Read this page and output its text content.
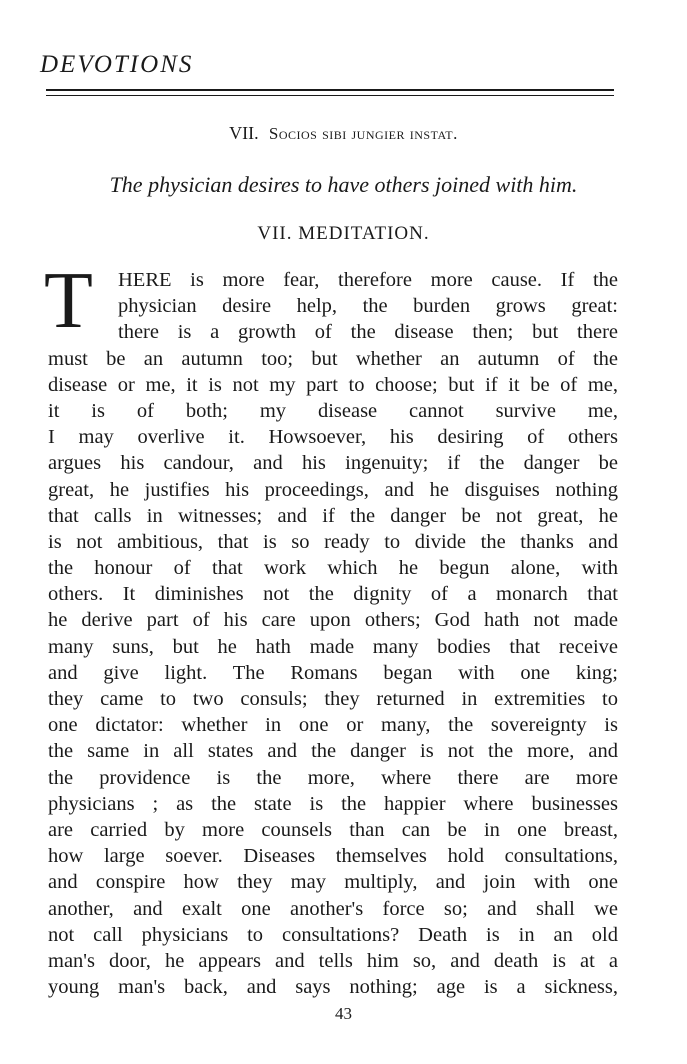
DEVOTIONS
VII. Socios sibi jungier instat.
The physician desires to have others joined with him.
VII. MEDITATION.
T	HERE is more fear, therefore more cause. If the
physician desire help, the burden grows great:
there is a growth of the disease then; but there
must be an autumn too; but whether an autumn of the
disease or me, it is not my part to choose; but if it be of me,
it is of both; my disease cannot survive me,
I may overlive it. Howsoever, his desiring of others
argues his candour, and his ingenuity; if the danger be
great, he justifies his proceedings, and he disguises nothing
that calls in witnesses; and if the danger be not great, he
is not ambitious, that is so ready to divide the thanks and
the honour of that work which he begun alone, with
others. It diminishes not the dignity of a monarch that
he derive part of his care upon others; God hath not made
many suns, but he hath made many bodies that receive
and give light. The Romans began with one king;
they came to two consuls; they returned in extremities to
one dictator: whether in one or many, the sovereignty is
the same in all states and the danger is not the more, and
the providence is the more, where there are more
physicians ; as the state is the happier where businesses
are carried by more counsels than can be in one breast,
how large soever. Diseases themselves hold consultations,
and conspire how they may multiply, and join with one
another, and exalt one another's force so; and shall we
not call physicians to consultations? Death is in an old
man's door, he appears and tells him so, and death is at a
young man's back, and says nothing; age is a sickness,
43
